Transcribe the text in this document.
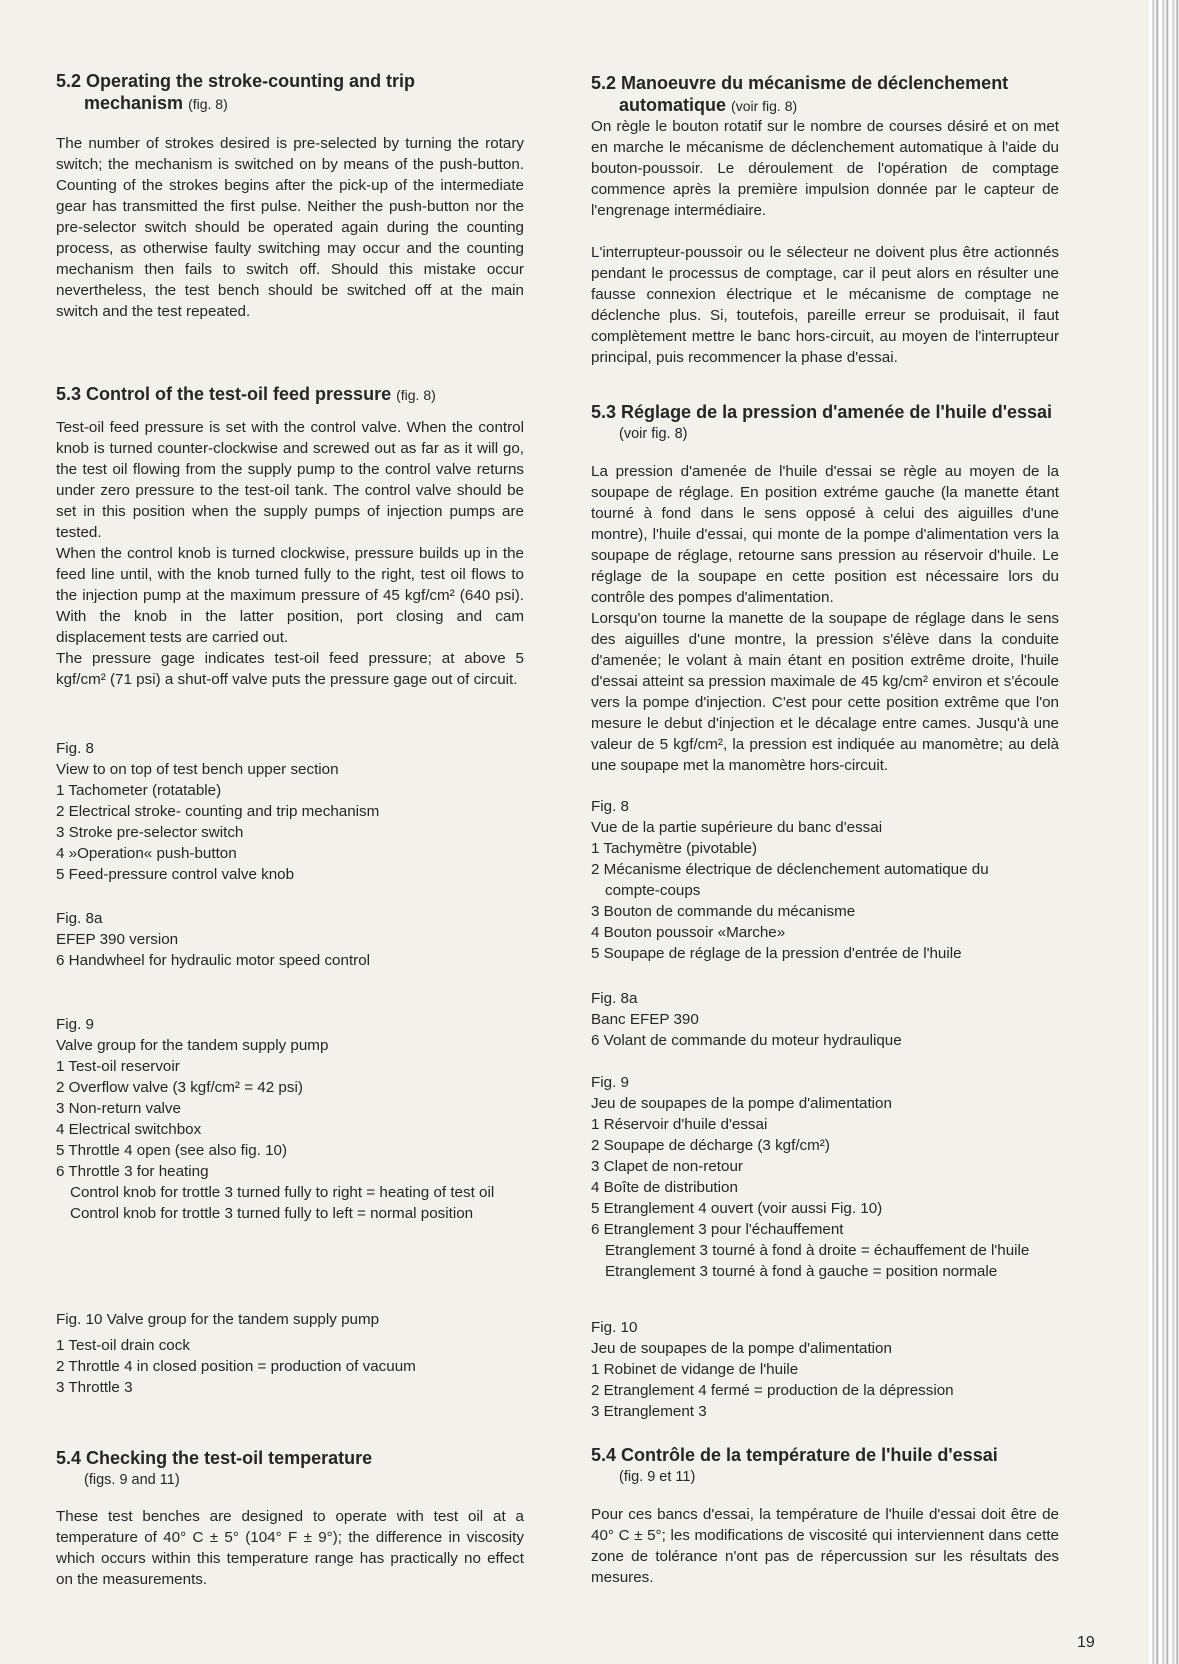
5.2 Operating the stroke-counting and trip
mechanism (fig. 8)

The number of strokes desired is pre-selected by turning the rotary switch; the mechanism is switched on by means of the push-button. Counting of the strokes begins after the pick-up of the intermediate gear has transmitted the first pulse. Neither the push-button nor the pre-selector switch should be operated again during the counting process, as otherwise faulty switching may occur and the counting mechanism then fails to switch off. Should this mistake occur nevertheless, the test bench should be switched off at the main switch and the test repeated.

5.3 Control of the test-oil feed pressure (fig. 8)

Test-oil feed pressure is set with the control valve. When the control knob is turned counter-clockwise and screwed out as far as it will go, the test oil flowing from the supply pump to the control valve returns under zero pressure to the test-oil tank. The control valve should be set in this position when the supply pumps of injection pumps are tested.

When the control knob is turned clockwise, pressure builds up in the feed line until, with the knob turned fully to the right, test oil flows to the injection pump at the maximum pressure of 45 kgf/cm² (640 psi). With the knob in the latter position, port closing and cam displacement tests are carried out.

The pressure gage indicates test-oil feed pressure; at above 5 kgf/cm² (71 psi) a shut-off valve puts the pressure gage out of circuit.

Fig. 8
View to on top of test bench upper section
1 Tachometer (rotatable)
2 Electrical stroke- counting and trip mechanism
3 Stroke pre-selector switch
4 »Operation« push-button
5 Feed-pressure control valve knob
Fig. 8a
EFEP 390 version
6 Handwheel for hydraulic motor speed control
Fig. 9
Valve group for the tandem supply pump
1 Test-oil reservoir
2 Overflow valve (3 kgf/cm² = 42 psi)
3 Non-return valve
4 Electrical switchbox
5 Throttle 4 open (see also fig. 10)
6 Throttle 3 for heating
Control knob for trottle 3 turned fully to right = heating of test oil
Control knob for trottle 3 turned fully to left = normal position
Fig. 10 Valve group for the tandem supply pump
1 Test-oil drain cock
2 Throttle 4 in closed position = production of vacuum
3 Throttle 3
5.4 Checking the test-oil temperature
(figs. 9 and 11)

These test benches are designed to operate with test oil at a temperature of 40° C ± 5° (104° F ± 9°); the difference in viscosity which occurs within this temperature range has practically no effect on the measurements.

5.2 Manoeuvre du mécanisme de déclenchement
automatique (voir fig. 8)

On règle le bouton rotatif sur le nombre de courses désiré et on met en marche le mécanisme de déclenchement automatique à l'aide du bouton-poussoir. Le déroulement de l'opération de comptage commence après la première impulsion donnée par le capteur de l'engrenage intermédiaire.

L'interrupteur-poussoir ou le sélecteur ne doivent plus être actionnés pendant le processus de comptage, car il peut alors en résulter une fausse connexion électrique et le mécanisme de comptage ne déclenche plus. Si, toutefois, pareille erreur se produisait, il faut complètement mettre le banc hors-circuit, au moyen de l'interrupteur principal, puis recommencer la phase d'essai.

5.3 Réglage de la pression d'amenée de l'huile d'essai
(voir fig. 8)

La pression d'amenée de l'huile d'essai se règle au moyen de la soupape de réglage. En position extréme gauche (la manette étant tourné à fond dans le sens opposé à celui des aiguilles d'une montre), l'huile d'essai, qui monte de la pompe d'alimentation vers la soupape de réglage, retourne sans pression au réservoir d'huile. Le réglage de la soupape en cette position est nécessaire lors du contrôle des pompes d'alimentation.

Lorsqu'on tourne la manette de la soupape de réglage dans le sens des aiguilles d'une montre, la pression s'élève dans la conduite d'amenée; le volant à main étant en position extrême droite, l'huile d'essai atteint sa pression maximale de 45 kg/cm² environ et s'écoule vers la pompe d'injection. C'est pour cette position extrême que l'on mesure le debut d'injection et le décalage entre cames. Jusqu'à une valeur de 5 kgf/cm², la pression est indiquée au manomètre; au delà une soupape met la manomètre hors-circuit.

Fig. 8
Vue de la partie supérieure du banc d'essai
1 Tachymètre (pivotable)
2 Mécanisme électrique de déclenchement automatique du
compte-coups
3 Bouton de commande du mécanisme
4 Bouton poussoir «Marche»
5 Soupape de réglage de la pression d'entrée de l'huile
Fig. 8a
Banc EFEP 390
6 Volant de commande du moteur hydraulique
Fig. 9
Jeu de soupapes de la pompe d'alimentation
1 Réservoir d'huile d'essai
2 Soupape de décharge (3 kgf/cm²)
3 Clapet de non-retour
4 Boîte de distribution
5 Etranglement 4 ouvert (voir aussi Fig. 10)
6 Etranglement 3 pour l'échauffement
Etranglement 3 tourné à fond à droite = échauffement de l'huile
Etranglement 3 tourné à fond à gauche = position normale
Fig. 10
Jeu de soupapes de la pompe d'alimentation
1 Robinet de vidange de l'huile
2 Etranglement 4 fermé = production de la dépression
3 Etranglement 3
5.4 Contrôle de la température de l'huile d'essai
(fig. 9 et 11)

Pour ces bancs d'essai, la température de l'huile d'essai doit être de 40° C ± 5°; les modifications de viscosité qui interviennent dans cette zone de tolérance n'ont pas de répercussion sur les résultats des mesures.

19
